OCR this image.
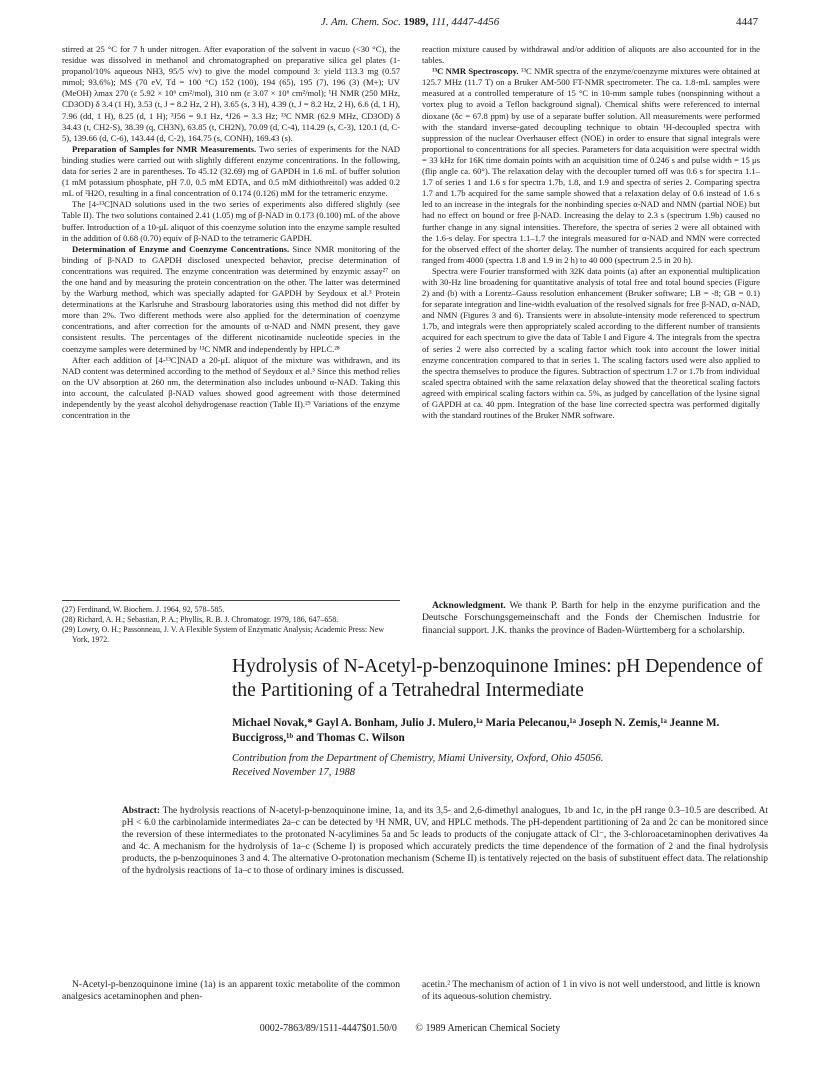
J. Am. Chem. Soc. 1989, 111, 4447-4456	4447

stirred at 25 °C for 7 h under nitrogen. After evaporation of the solvent in vacuo (<30 °C), the residue was dissolved in methanol and chromatographed on preparative silica gel plates (1-propanol/10% aqueous NH3, 95/5 v/v) to give the model compound 3: yield 113.3 mg (0.57 mmol; 93.6%); MS (70 eV, Td = 100 °C) 152 (100), 194 (65), 195 (7), 196 (3) (M+); UV (MeOH) λmax 270 (ε 5.92 × 10⁶ cm²/mol), 310 nm (ε 3.07 × 10⁶ cm²/mol); ¹H NMR (250 MHz, CD3OD) δ 3.4 (1 H), 3.53 (t, J = 8.2 Hz, 2 H), 3.65 (s, 3 H), 4.39 (t, J = 8.2 Hz, 2 H), 6.6 (d, 1 H), 7.96 (dd, 1 H), 8.25 (d, 1 H); ³J56 = 9.1 Hz, ⁴J26 = 3.3 Hz; ¹³C NMR (62.9 MHz, CD3OD) δ 34.43 (t, CH2-S), 38.39 (q, CH3N), 63.85 (t, CH2N), 70.09 (d, C-4), 114.29 (s, C-3), 120.1 (d, C-5), 139.66 (d, C-6), 143.44 (d, C-2), 164.75 (s, CONH), 169.43 (s).

Preparation of Samples for NMR Measurements. Two series of experiments for the NAD binding studies were carried out with slightly different enzyme concentrations. In the following, data for series 2 are in parentheses. To 45.12 (32.69) mg of GAPDH in 1.6 mL of buffer solution (1 mM potassium phosphate, pH 7.0, 0.5 mM EDTA, and 0.5 mM dithiothreitol) was added 0.2 mL of ²H2O, resulting in a final concentration of 0.174 (0.126) mM for the tetrameric enzyme.

The [4-¹³C]NAD solutions used in the two series of experiments also differed slightly (see Table II). The two solutions contained 2.41 (1.05) mg of β-NAD in 0.173 (0.100) mL of the above buffer. Introduction of a 10-μL aliquot of this coenzyme solution into the enzyme sample resulted in the addition of 0.68 (0.70) equiv of β-NAD to the tetrameric GAPDH.

Determination of Enzyme and Coenzyme Concentrations. Since NMR monitoring of the binding of β-NAD to GAPDH disclosed unexpected behavior, precise determination of concentrations was required. The enzyme concentration was determined by enzymic assay²⁷ on the one hand and by measuring the protein concentration on the other. The latter was determined by the Warburg method, which was specially adapted for GAPDH by Seydoux et al.³ Protein determinations at the Karlsruhe and Strasbourg laboratories using this method did not differ by more than 2%. Two different methods were also applied for the determination of coenzyme concentrations, and after correction for the amounts of α-NAD and NMN present, they gave consistent results. The percentages of the different nicotinamide nucleotide species in the coenzyme samples were determined by ¹³C NMR and independently by HPLC.²⁸

After each addition of [4-¹³C]NAD a 20-μL aliquot of the mixture was withdrawn, and its NAD content was determined according to the method of Seydoux et al.³ Since this method relies on the UV absorption at 260 nm, the determination also includes unbound α-NAD. Taking this into account, the calculated β-NAD values showed good agreement with those determined independently by the yeast alcohol dehydrogenase reaction (Table II).²⁹ Variations of the enzyme concentration in the

reaction mixture caused by withdrawal and/or addition of aliquots are also accounted for in the tables.

¹³C NMR Spectroscopy. ¹³C NMR spectra of the enzyme/coenzyme mixtures were obtained at 125.7 MHz (11.7 T) on a Bruker AM-500 FT-NMR spectrometer. The ca. 1.8-mL samples were measured at a controlled temperature of 15 °C in 10-mm sample tubes (nonspinning without a vortex plug to avoid a Teflon background signal). Chemical shifts were referenced to internal dioxane (δc = 67.8 ppm) by use of a separate buffer solution. All measurements were performed with the standard inverse-gated decoupling technique to obtain ¹H-decoupled spectra with suppression of the nuclear Overhauser effect (NOE) in order to ensure that signal integrals were proportional to concentrations for all species. Parameters for data acquisition were spectral width = 33 kHz for 16K time domain points with an acquisition time of 0.246 s and pulse width = 15 μs (flip angle ca. 60°). The relaxation delay with the decoupler turned off was 0.6 s for spectra 1.1–1.7 of series 1 and 1.6 s for spectra 1.7b, 1.8, and 1.9 and spectra of series 2. Comparing spectra 1.7 and 1.7b acquired for the same sample showed that a relaxation delay of 0.6 instead of 1.6 s led to an increase in the integrals for the nonbinding species α-NAD and NMN (partial NOE) but had no effect on bound or free β-NAD. Increasing the delay to 2.3 s (spectrum 1.9b) caused no further change in any signal intensities. Therefore, the spectra of series 2 were all obtained with the 1.6-s delay. For spectra 1.1–1.7 the integrals measured for α-NAD and NMN were corrected for the observed effect of the shorter delay. The number of transients acquired for each spectrum ranged from 4000 (spectra 1.8 and 1.9 in 2 h) to 40 000 (spectrum 2.5 in 20 h).

Spectra were Fourier transformed with 32K data points (a) after an exponential multiplication with 30-Hz line broadening for quantitative analysis of total free and total bound species (Figure 2) and (b) with a Lorentz–Gauss resolution enhancement (Bruker software; LB = -8; GB = 0.1) for separate integration and line-width evaluation of the resolved signals for free β-NAD, α-NAD, and NMN (Figures 3 and 6). Transients were in absolute-intensity mode referenced to spectrum 1.7b, and integrals were then appropriately scaled according to the different number of transients acquired for each spectrum to give the data of Table I and Figure 4. The integrals from the spectra of series 2 were also corrected by a scaling factor which took into account the lower initial enzyme concentration compared to that in series 1. The scaling factors used were also applied to the spectra themselves to produce the figures. Subtraction of spectrum 1.7 or 1.7b from individual scaled spectra obtained with the same relaxation delay showed that the theoretical scaling factors agreed with empirical scaling factors within ca. 5%, as judged by cancellation of the lysine signal of GAPDH at ca. 40 ppm. Integration of the base line corrected spectra was performed digitally with the standard routines of the Bruker NMR software.

(27) Ferdinand, W. Biochem. J. 1964, 92, 578–585.

(28) Richard, A. H.; Sebastian, P. A.; Phyllis, R. B. J. Chromatogr. 1979, 186, 647–658.

(29) Lowry, O. H.; Passonneau, J. V. A Flexible System of Enzymatic Analysis; Academic Press: New York, 1972.

Acknowledgment. We thank P. Barth for help in the enzyme purification and the Deutsche Forschungsgemeinschaft and the Fonds der Chemischen Industrie for financial support. J.K. thanks the province of Baden-Württemberg for a scholarship.

Hydrolysis of N-Acetyl-p-benzoquinone Imines: pH Dependence of the Partitioning of a Tetrahedral Intermediate
Michael Novak,* Gayl A. Bonham, Julio J. Mulero,¹ᵃ Maria Pelecanou,¹ᵃ Joseph N. Zemis,¹ᵃ Jeanne M. Buccigross,¹ᵇ and Thomas C. Wilson
Contribution from the Department of Chemistry, Miami University, Oxford, Ohio 45056.
Received November 17, 1988
Abstract: The hydrolysis reactions of N-acetyl-p-benzoquinone imine, 1a, and its 3,5- and 2,6-dimethyl analogues, 1b and 1c, in the pH range 0.3–10.5 are described. At pH < 6.0 the carbinolamide intermediates 2a–c can be detected by ¹H NMR, UV, and HPLC methods. The pH-dependent partitioning of 2a and 2c can be monitored since the reversion of these intermediates to the protonated N-acylimines 5a and 5c leads to products of the conjugate attack of Cl⁻, the 3-chloroacetaminophen derivatives 4a and 4c. A mechanism for the hydrolysis of 1a–c (Scheme I) is proposed which accurately predicts the time dependence of the formation of 2 and the final hydrolysis products, the p-benzoquinones 3 and 4. The alternative O-protonation mechanism (Scheme II) is tentatively rejected on the basis of substituent effect data. The relationship of the hydrolysis reactions of 1a–c to those of ordinary imines is discussed.

N-Acetyl-p-benzoquinone imine (1a) is an apparent toxic metabolite of the common analgesics acetaminophen and phen-

acetin.² The mechanism of action of 1 in vivo is not well understood, and little is known of its aqueous-solution chemistry.

0002-7863/89/1511-4447$01.50/0 © 1989 American Chemical Society
